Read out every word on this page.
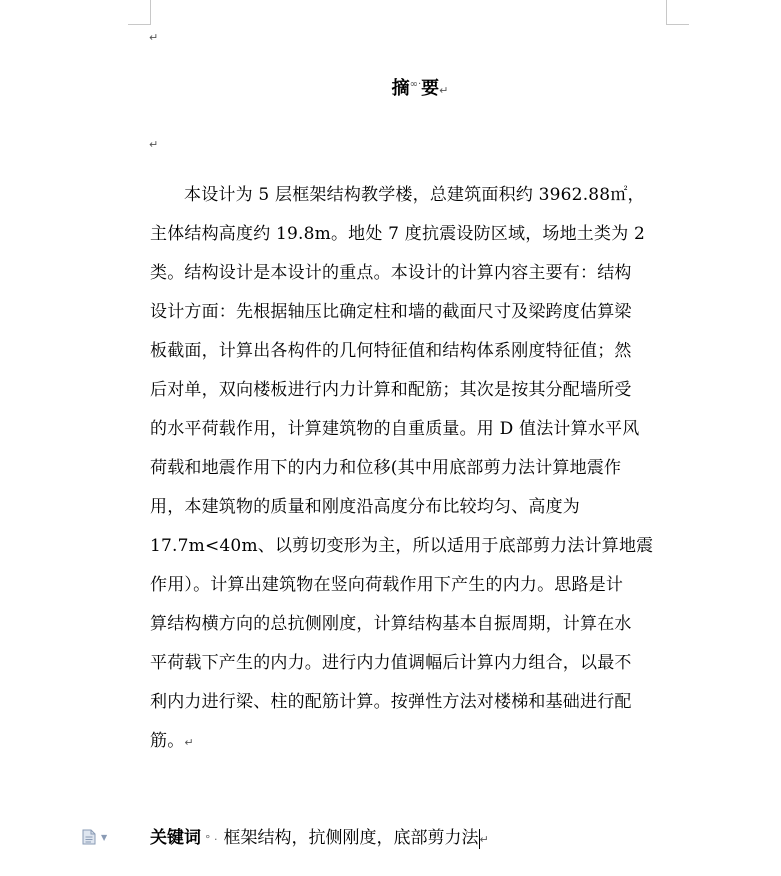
↵
摘∞·要↵
↵
本设计为 5 层框架结构教学楼，总建筑面积约 3962.88㎡，
主体结构高度约 19.8m。地处 7 度抗震设防区域，场地土类为 2
类。结构设计是本设计的重点。本设计的计算内容主要有：结构
设计方面：先根据轴压比确定柱和墙的截面尺寸及梁跨度估算梁
板截面，计算出各构件的几何特征值和结构体系刚度特征值；然
后对单，双向楼板进行内力计算和配筋；其次是按其分配墙所受
的水平荷载作用，计算建筑物的自重质量。用 D 值法计算水平风
荷载和地震作用下的内力和位移(其中用底部剪力法计算地震作
用，本建筑物的质量和刚度沿高度分布比较均匀、高度为
17.7m<40m、以剪切变形为主，所以适用于底部剪力法计算地震
作用）。计算出建筑物在竖向荷载作用下产生的内力。思路是计
算结构横方向的总抗侧刚度，计算结构基本自振周期，计算在水
平荷载下产生的内力。进行内力值调幅后计算内力组合，以最不
利内力进行梁、柱的配筋计算。按弹性方法对楼梯和基础进行配
筋。↵
▼	关键词 ° · 框架结构，抗侧刚度，底部剪力法↵
